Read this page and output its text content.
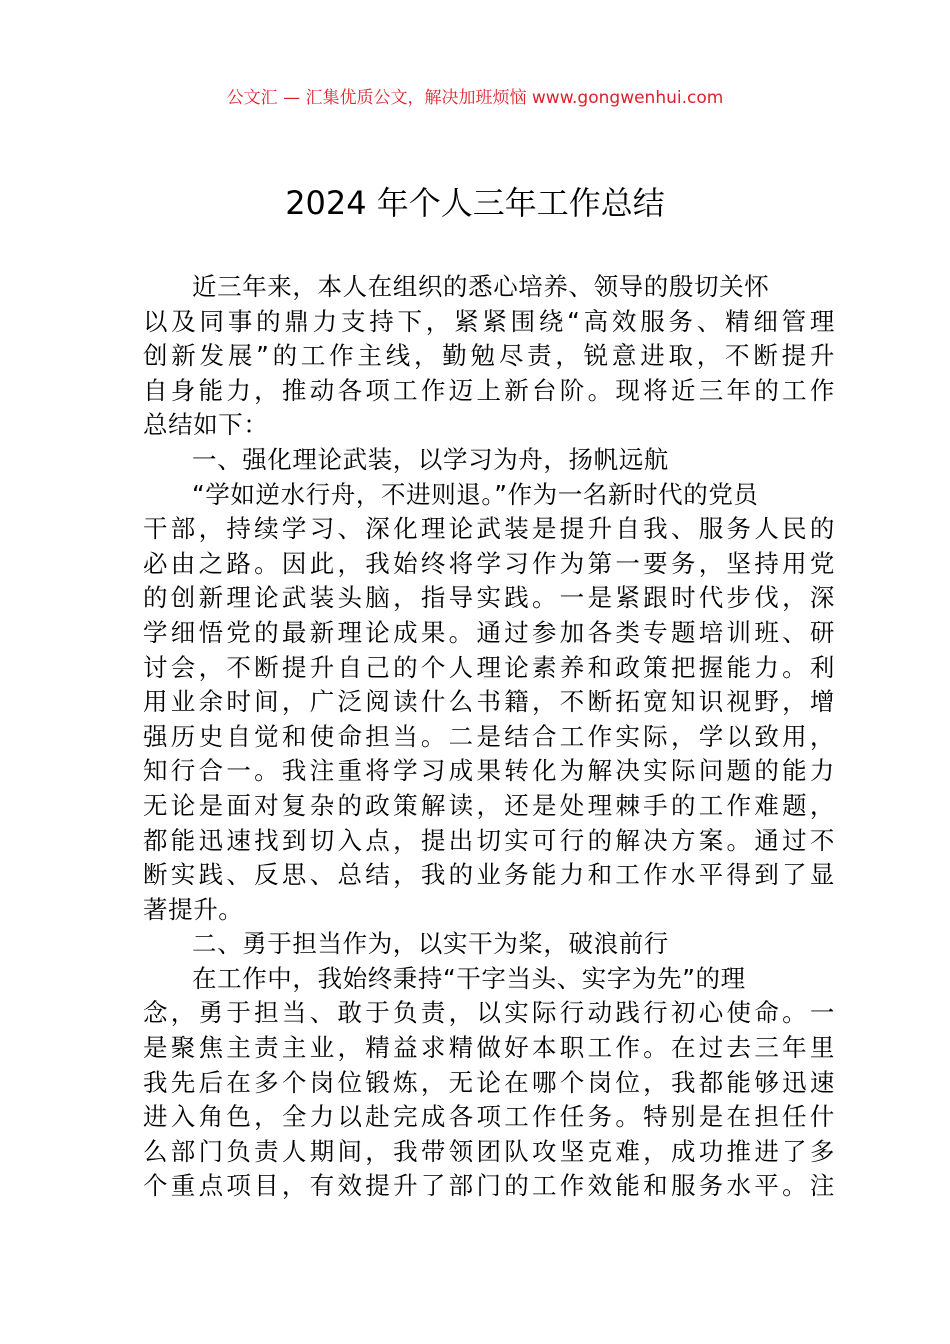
公文汇 — 汇集优质公文，解决加班烦恼 www.gongwenhui.com
2024 年个人三年工作总结
近三年来，本人在组织的悉心培养、领导的殷切关怀
以及同事的鼎力支持下，紧紧围绕“高效服务、精细管理
创新发展”的工作主线，勤勉尽责，锐意进取，不断提升
自身能力，推动各项工作迈上新台阶。现将近三年的工作
总结如下：
一、强化理论武装，以学习为舟，扬帆远航
“学如逆水行舟，不进则退。”作为一名新时代的党员
干部，持续学习、深化理论武装是提升自我、服务人民的
必由之路。因此，我始终将学习作为第一要务，坚持用党
的创新理论武装头脑，指导实践。一是紧跟时代步伐，深
学细悟党的最新理论成果。通过参加各类专题培训班、研
讨会，不断提升自己的个人理论素养和政策把握能力。利
用业余时间，广泛阅读什么书籍，不断拓宽知识视野，增
强历史自觉和使命担当。二是结合工作实际，学以致用，
知行合一。我注重将学习成果转化为解决实际问题的能力
无论是面对复杂的政策解读，还是处理棘手的工作难题，
都能迅速找到切入点，提出切实可行的解决方案。通过不
断实践、反思、总结，我的业务能力和工作水平得到了显
著提升。
二、勇于担当作为，以实干为桨，破浪前行
在工作中，我始终秉持“干字当头、实字为先”的理
念，勇于担当、敢于负责，以实际行动践行初心使命。一
是聚焦主责主业，精益求精做好本职工作。在过去三年里
我先后在多个岗位锻炼，无论在哪个岗位，我都能够迅速
进入角色，全力以赴完成各项工作任务。特别是在担任什
么部门负责人期间，我带领团队攻坚克难，成功推进了多
个重点项目，有效提升了部门的工作效能和服务水平。注
